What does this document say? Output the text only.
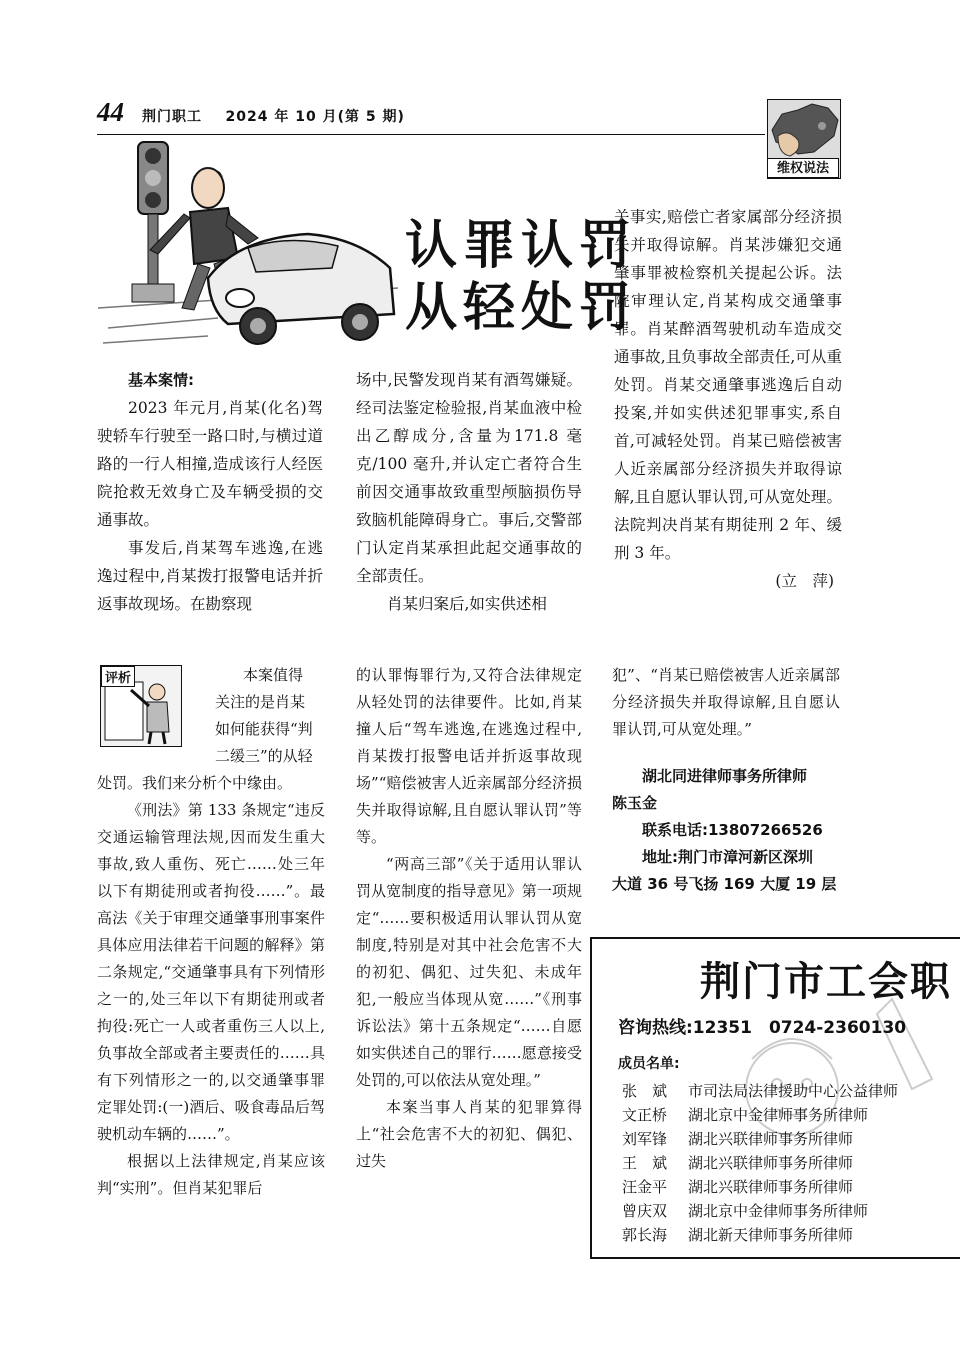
44 荆门职工 2024 年 10 月(第 5 期)
维权说法
认罪认罚
从轻处罚

基本案情:

2023 年元月,肖某(化名)驾驶轿车行驶至一路口时,与横过道路的一行人相撞,造成该行人经医院抢救无效身亡及车辆受损的交通事故。

事发后,肖某驾车逃逸,在逃逸过程中,肖某拨打报警电话并折返事故现场。在勘察现

场中,民警发现肖某有酒驾嫌疑。经司法鉴定检验报,肖某血液中检出乙醇成分,含量为171.8 毫克/100 毫升,并认定亡者符合生前因交通事故致重型颅脑损伤导致脑机能障碍身亡。事后,交警部门认定肖某承担此起交通事故的全部责任。

肖某归案后,如实供述相

关事实,赔偿亡者家属部分经济损失并取得谅解。肖某涉嫌犯交通肇事罪被检察机关提起公诉。法院审理认定,肖某构成交通肇事罪。肖某醉酒驾驶机动车造成交通事故,且负事故全部责任,可从重处罚。肖某交通肇事逃逸后自动投案,并如实供述犯罪事实,系自首,可减轻处罚。肖某已赔偿被害人近亲属部分经济损失并取得谅解,且自愿认罪认罚,可从宽处理。法院判决肖某有期徒刑 2 年、缓刑 3 年。

(立　萍)

评析	本案值得
关注的是肖某
如何能获得“判
二缓三”的从轻

处罚。我们来分析个中缘由。

《刑法》第 133 条规定“违反交通运输管理法规,因而发生重大事故,致人重伤、死亡……处三年以下有期徒刑或者拘役……”。最高法《关于审理交通肇事刑事案件具体应用法律若干问题的解释》第二条规定,“交通肇事具有下列情形之一的,处三年以下有期徒刑或者拘役:死亡一人或者重伤三人以上,负事故全部或者主要责任的……具有下列情形之一的,以交通肇事罪定罪处罚:(一)酒后、吸食毒品后驾驶机动车辆的……”。

根据以上法律规定,肖某应该判“实刑”。但肖某犯罪后

的认罪悔罪行为,又符合法律规定从轻处罚的法律要件。比如,肖某撞人后“驾车逃逸,在逃逸过程中,肖某拨打报警电话并折返事故现场”“赔偿被害人近亲属部分经济损失并取得谅解,且自愿认罪认罚”等等。

“两高三部”《关于适用认罪认罚从宽制度的指导意见》第一项规定“……要积极适用认罪认罚从宽制度,特别是对其中社会危害不大的初犯、偶犯、过失犯、未成年犯,一般应当体现从宽……”《刑事诉讼法》第十五条规定“……自愿如实供述自己的罪行……愿意接受处罚的,可以依法从宽处理。”

本案当事人肖某的犯罪算得上“社会危害不大的初犯、偶犯、过失

犯”、“肖某已赔偿被害人近亲属部分经济损失并取得谅解,且自愿认罪认罚,可从宽处理。”

湖北同进律师事务所律师
陈玉金
联系电话:13807266526
地址:荆门市漳河新区深圳
大道 36 号飞扬 169 大厦 19 层
荆门市工会职
咨询热线:12351　0724-2360130
成员名单:
张　斌 市司法局法律援助中心公益律师
文正桥 湖北京中金律师事务所律师
刘军锋 湖北兴联律师事务所律师
王　斌 湖北兴联律师事务所律师
汪金平 湖北兴联律师事务所律师
曾庆双 湖北京中金律师事务所律师
郭长海 湖北新天律师事务所律师
